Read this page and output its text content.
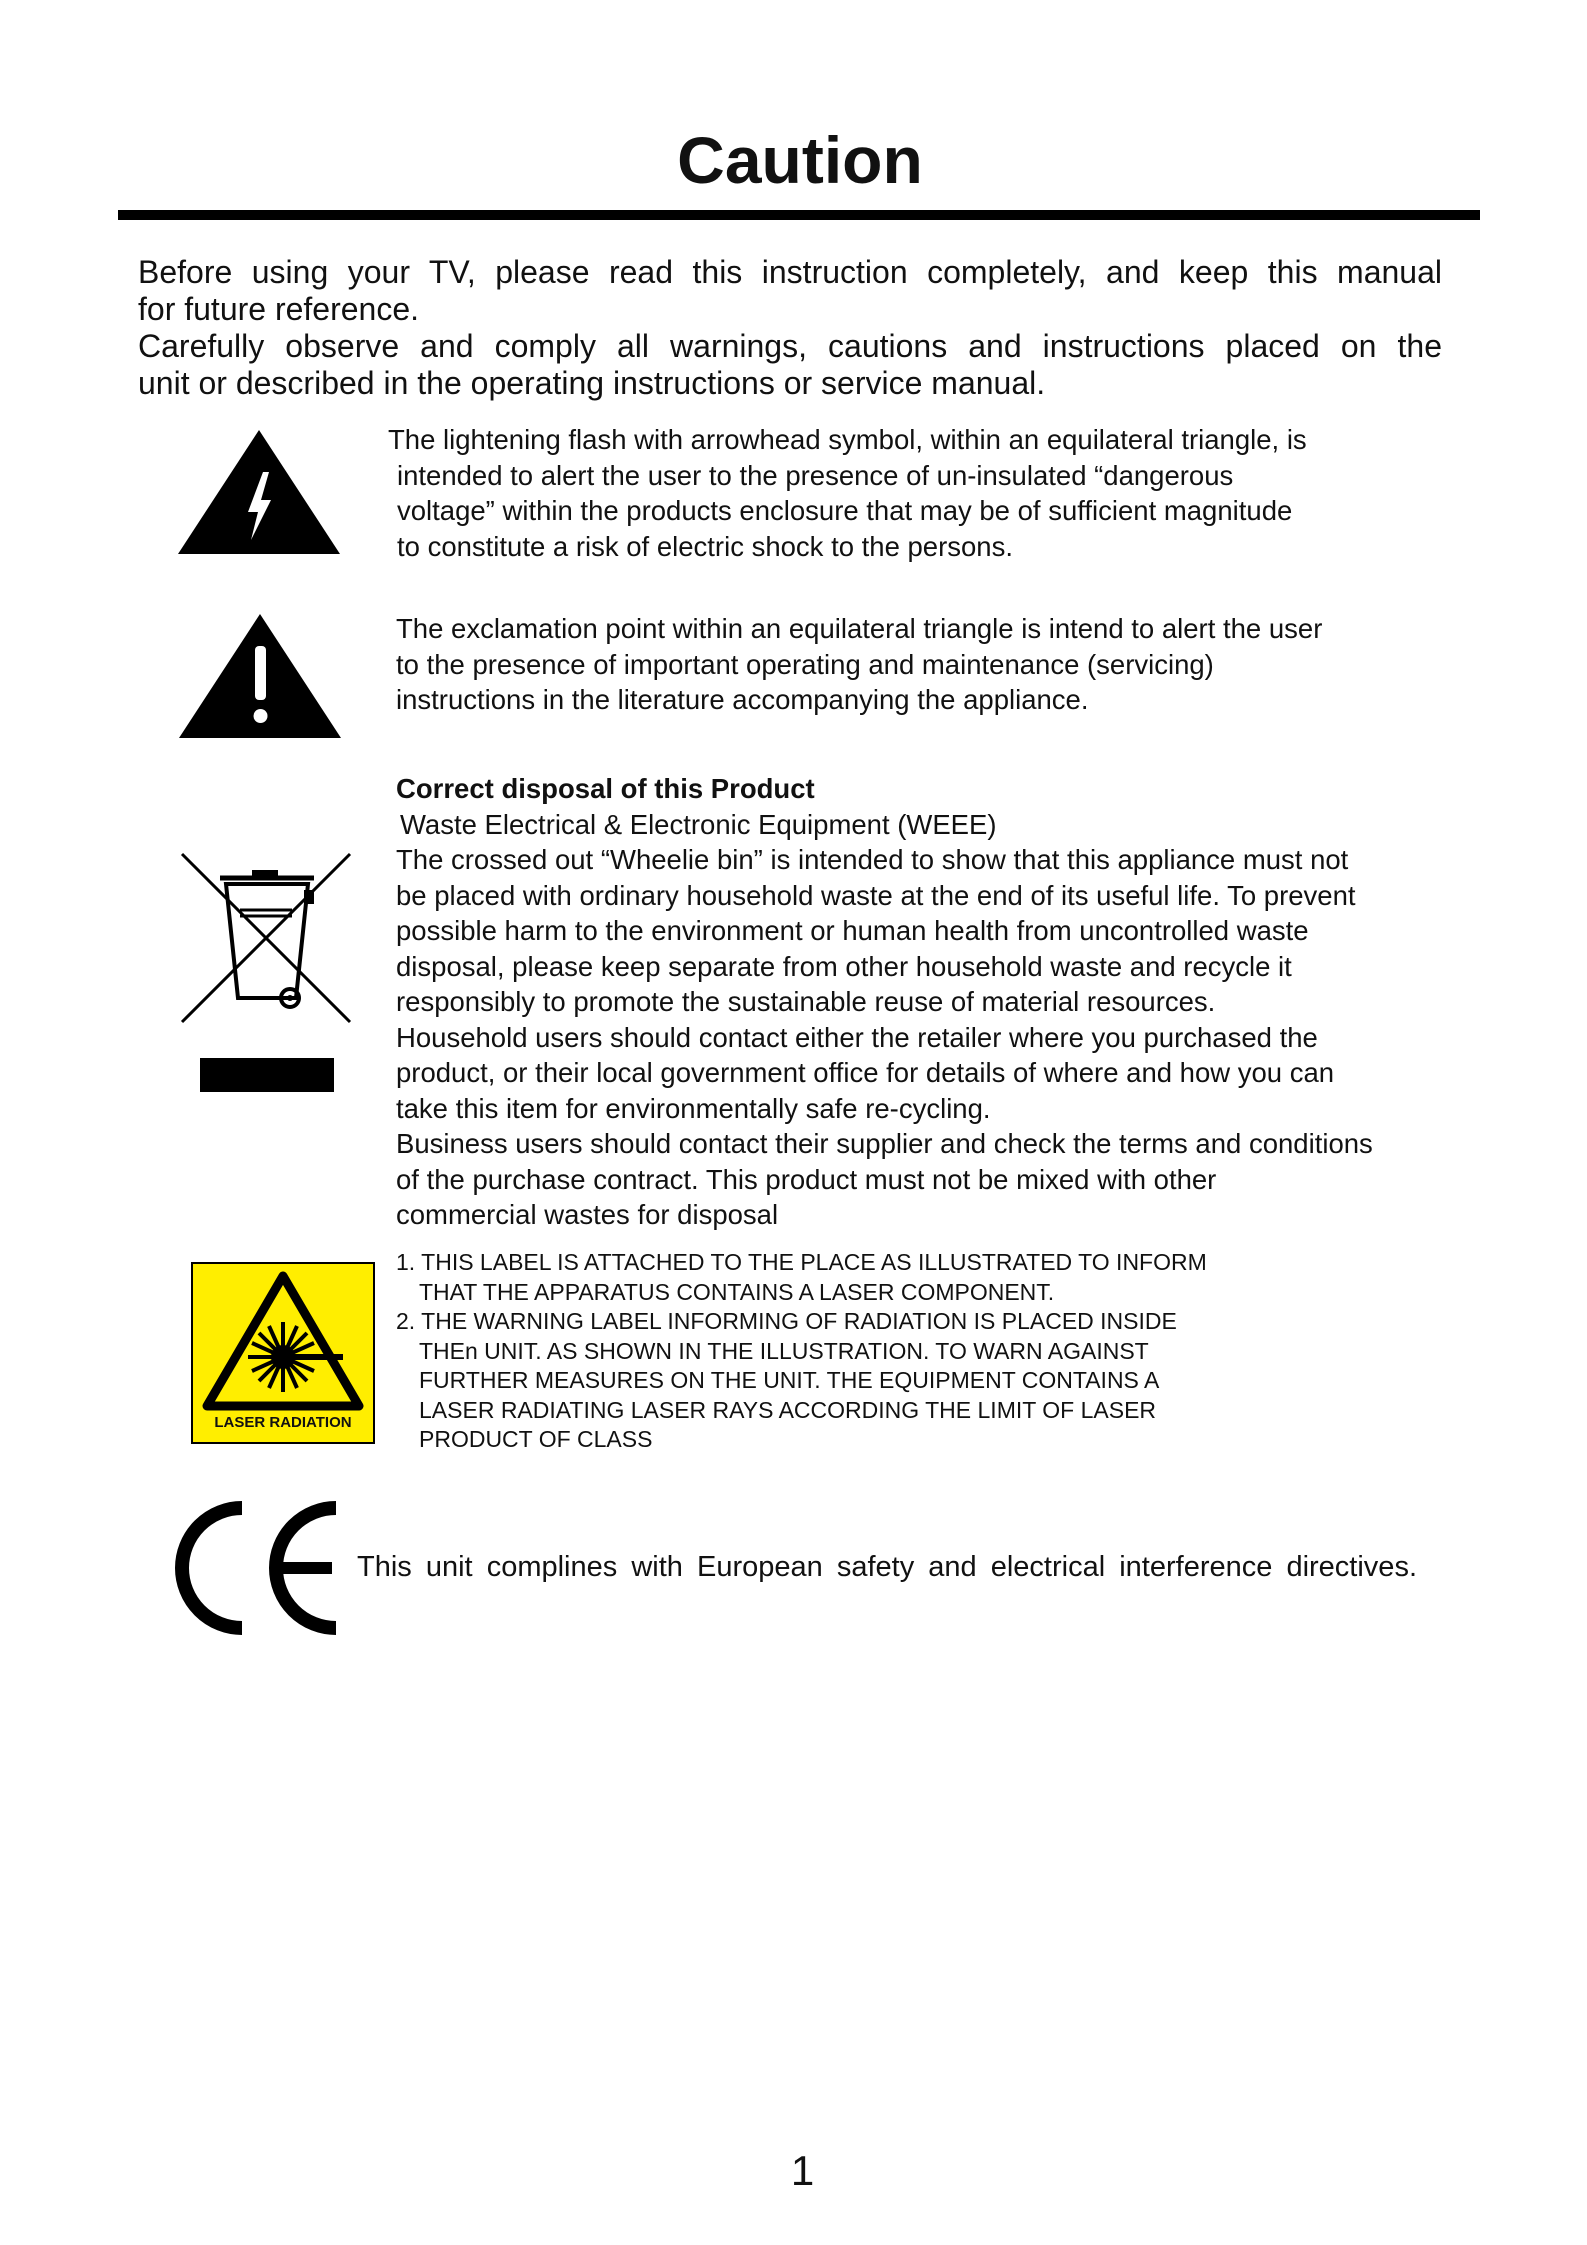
Caution

Before using your TV, please read this instruction completely, and keep this manual

for future reference.

Carefully observe and comply all warnings, cautions and instructions placed on the

unit or described in the operating instructions or service manual.

The lightening flash with arrowhead symbol, within an equilateral triangle, is
intended to alert the user to the presence of un-insulated “dangerous
voltage” within the products enclosure that may be of sufficient magnitude
to constitute a risk of electric shock to the persons.
The exclamation point within an equilateral triangle is intend to alert the user
to the presence of important operating and maintenance (servicing)
instructions in the literature accompanying the appliance.
Correct disposal of this Product
Waste Electrical & Electronic Equipment (WEEE)
The crossed out “Wheelie bin” is intended to show that this appliance must not
be placed with ordinary household waste at the end of its useful life. To prevent
possible harm to the environment or human health from uncontrolled waste
disposal, please keep separate from other household waste and recycle it
responsibly to promote the sustainable reuse of material resources.
Household users should contact either the retailer where you purchased the
product, or their local government office for details of where and how you can
take this item for environmentally safe re-cycling.
Business users should contact their supplier and check the terms and conditions
of the purchase contract. This product must not be mixed with other
commercial wastes for disposal
LASER RADIATION
1. THIS LABEL IS ATTACHED TO THE PLACE AS ILLUSTRATED TO INFORM
THAT THE APPARATUS CONTAINS A LASER COMPONENT.
2. THE WARNING LABEL INFORMING OF RADIATION IS PLACED INSIDE
THEn UNIT. AS SHOWN IN THE ILLUSTRATION. TO WARN AGAINST
FURTHER MEASURES ON THE UNIT. THE EQUIPMENT CONTAINS A
LASER RADIATING LASER RAYS ACCORDING THE LIMIT OF LASER
PRODUCT OF CLASS
This unit complines with European safety and electrical interference directives.
1
